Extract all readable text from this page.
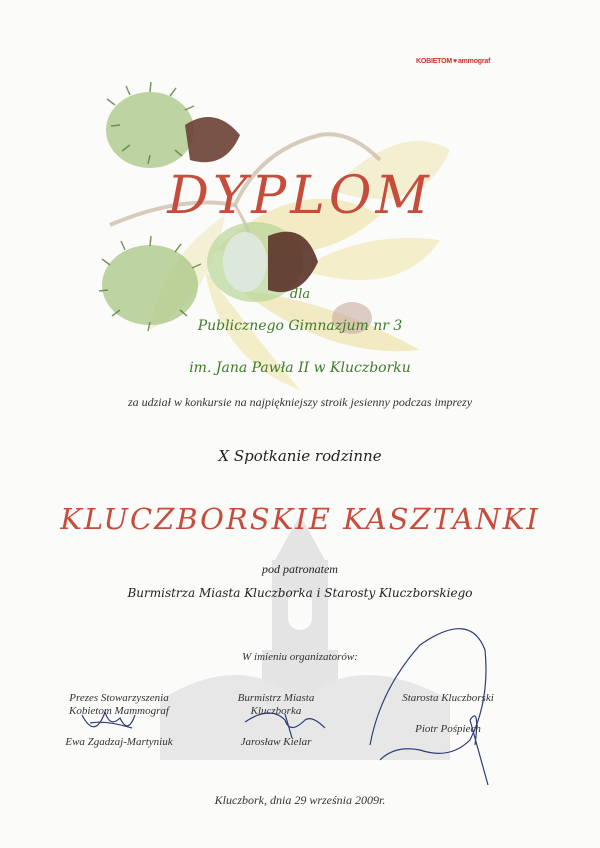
KOBIETOM♥ammograf
DYPLOM
dla
Publicznego Gimnazjum nr 3
im. Jana Pawła II w Kluczborku
za udział w konkursie na najpiękniejszy stroik jesienny podczas imprezy
X Spotkanie rodzinne
KLUCZBORSKIE KASZTANKI
pod patronatem
Burmistrza Miasta Kluczborka i Starosty Kluczborskiego
W imieniu organizatorów:
Prezes Stowarzyszenia
Kobietom Mammograf
Ewa Zgadzaj-Martyniuk
Burmistrz Miasta
Kluczborka
Jarosław Kielar
Starosta Kluczborski
Piotr Pośpiech
Kluczbork, dnia 29 września 2009r.
